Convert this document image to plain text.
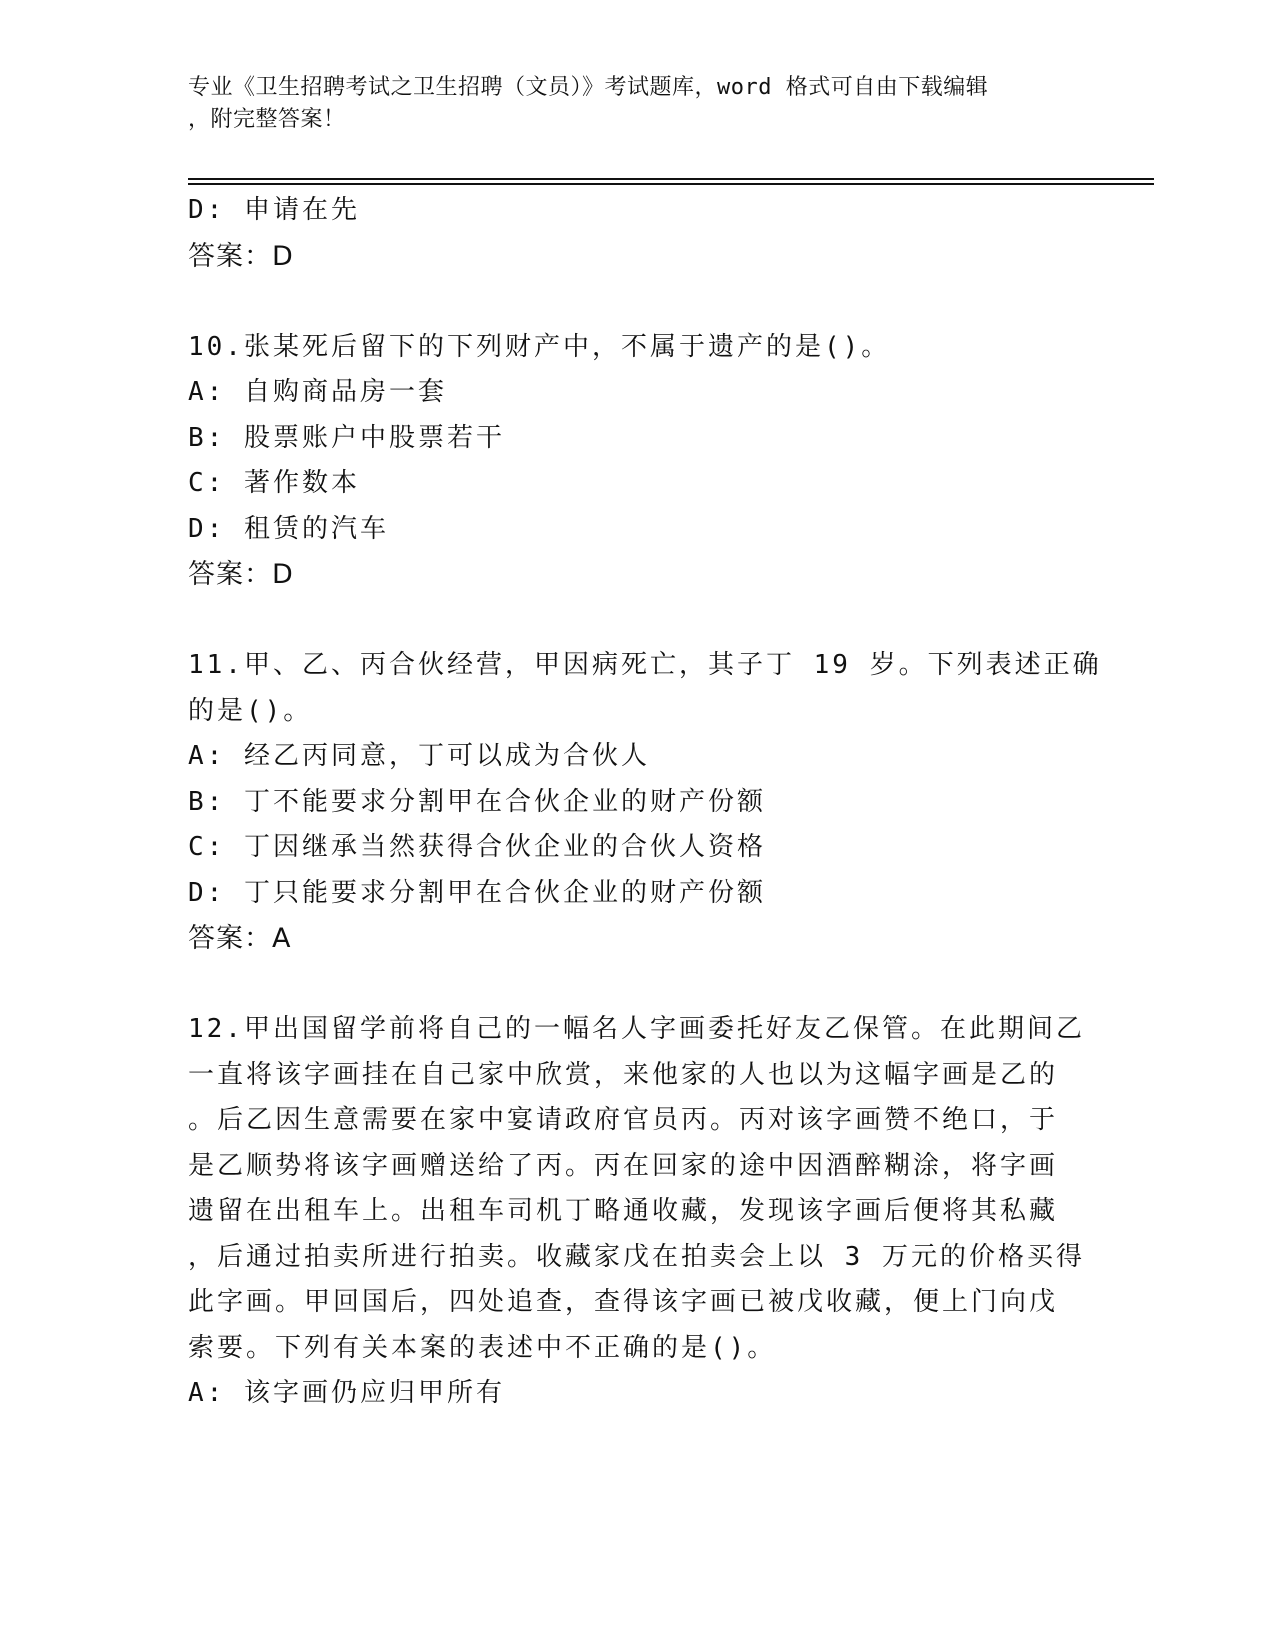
专业《卫生招聘考试之卫生招聘（文员）》考试题库，word 格式可自由下载编辑
，附完整答案！
D: 申请在先
答案：D
10.张某死后留下的下列财产中，不属于遗产的是()。
A: 自购商品房一套
B: 股票账户中股票若干
C: 著作数本
D: 租赁的汽车
答案：D
11.甲、乙、丙合伙经营，甲因病死亡，其子丁 19 岁。下列表述正确
的是()。
A: 经乙丙同意，丁可以成为合伙人
B: 丁不能要求分割甲在合伙企业的财产份额
C: 丁因继承当然获得合伙企业的合伙人资格
D: 丁只能要求分割甲在合伙企业的财产份额
答案：A
12.甲出国留学前将自己的一幅名人字画委托好友乙保管。在此期间乙
一直将该字画挂在自己家中欣赏，来他家的人也以为这幅字画是乙的
。后乙因生意需要在家中宴请政府官员丙。丙对该字画赞不绝口，于
是乙顺势将该字画赠送给了丙。丙在回家的途中因酒醉糊涂，将字画
遗留在出租车上。出租车司机丁略通收藏，发现该字画后便将其私藏
，后通过拍卖所进行拍卖。收藏家戊在拍卖会上以 3 万元的价格买得
此字画。甲回国后，四处追查，查得该字画已被戊收藏，便上门向戊
索要。下列有关本案的表述中不正确的是()。
A: 该字画仍应归甲所有
